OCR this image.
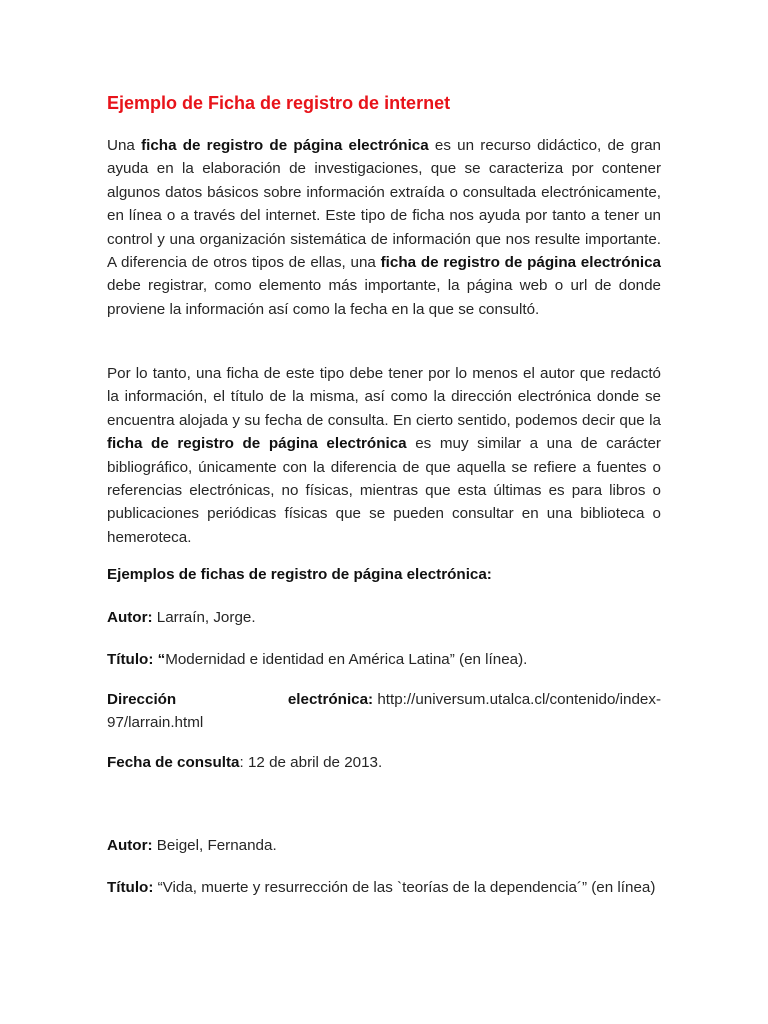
Ejemplo de Ficha de registro de internet

Una ficha de registro de página electrónica es un recurso didáctico, de gran ayuda en la elaboración de investigaciones, que se caracteriza por contener algunos datos básicos sobre información extraída o consultada electrónicamente, en línea o a través del internet. Este tipo de ficha nos ayuda por tanto a tener un control y una organización sistemática de información que nos resulte importante. A diferencia de otros tipos de ellas, una ficha de registro de página electrónica debe registrar, como elemento más importante, la página web o url de donde proviene la información así como la fecha en la que se consultó.

Por lo tanto, una ficha de este tipo debe tener por lo menos el autor que redactó la información, el título de la misma, así como la dirección electrónica donde se encuentra alojada y su fecha de consulta. En cierto sentido, podemos decir que la ficha de registro de página electrónica es muy similar a una de carácter bibliográfico, únicamente con la diferencia de que aquella se refiere a fuentes o referencias electrónicas, no físicas, mientras que esta últimas es para libros o publicaciones periódicas físicas que se pueden consultar en una biblioteca o hemeroteca.

Ejemplos de fichas de registro de página electrónica:

Autor: Larraín, Jorge.

Título: “Modernidad e identidad en América Latina” (en línea).

Dirección	electrónica: http://universum.utalca.cl/contenido/index-
97/larrain.html

Fecha de consulta: 12 de abril de 2013.

Autor: Beigel, Fernanda.

Título: “Vida, muerte y resurrección de las `teorías de la dependencia´” (en línea)
